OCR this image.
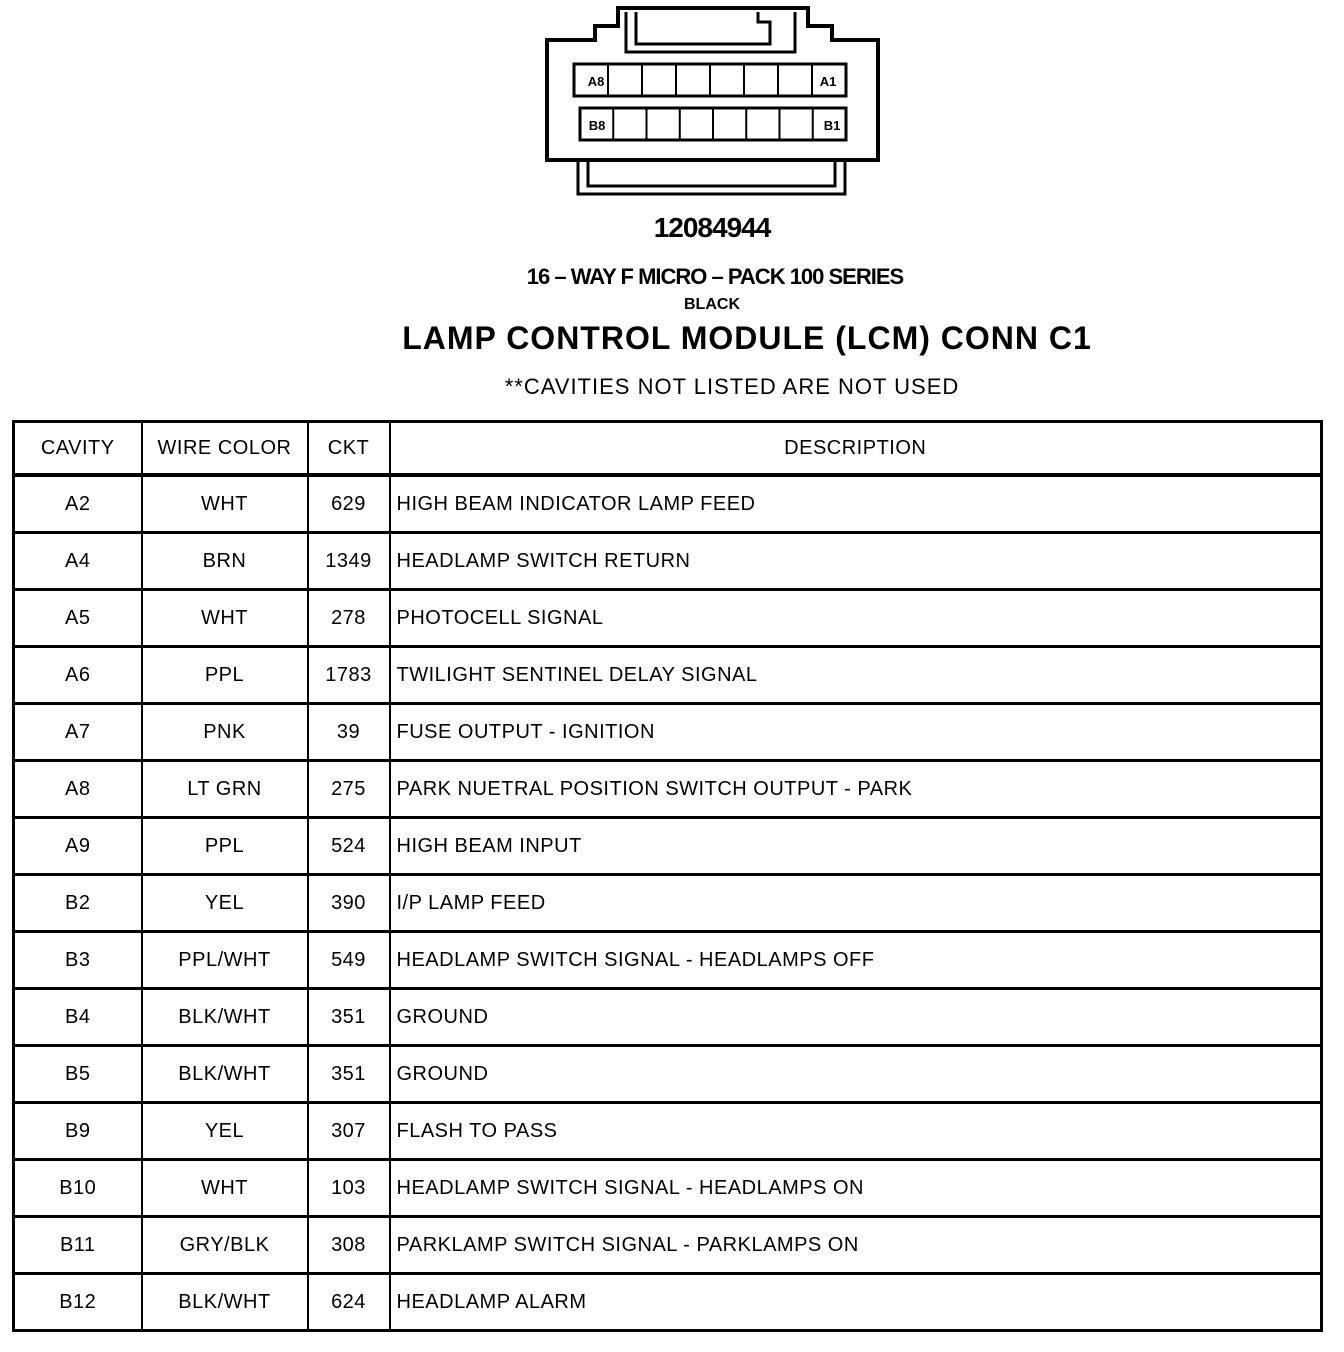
A8	A1
B8	B1
12084944
16 – WAY F MICRO – PACK 100 SERIES
BLACK
LAMP CONTROL MODULE (LCM) CONN C1
**CAVITIES NOT LISTED ARE NOT USED
CAVITY	WIRE COLOR	CKT	DESCRIPTION
A2	WHT	629	HIGH BEAM INDICATOR LAMP FEED
A4	BRN	1349	HEADLAMP SWITCH RETURN
A5	WHT	278	PHOTOCELL SIGNAL
A6	PPL	1783	TWILIGHT SENTINEL DELAY SIGNAL
A7	PNK	39	FUSE OUTPUT - IGNITION
A8	LT GRN	275	PARK NUETRAL POSITION SWITCH OUTPUT - PARK
A9	PPL	524	HIGH BEAM INPUT
B2	YEL	390	I/P LAMP FEED
B3	PPL/WHT	549	HEADLAMP SWITCH SIGNAL - HEADLAMPS OFF
B4	BLK/WHT	351	GROUND
B5	BLK/WHT	351	GROUND
B9	YEL	307	FLASH TO PASS
B10	WHT	103	HEADLAMP SWITCH SIGNAL - HEADLAMPS ON
B11	GRY/BLK	308	PARKLAMP SWITCH SIGNAL - PARKLAMPS ON
B12	BLK/WHT	624	HEADLAMP ALARM
